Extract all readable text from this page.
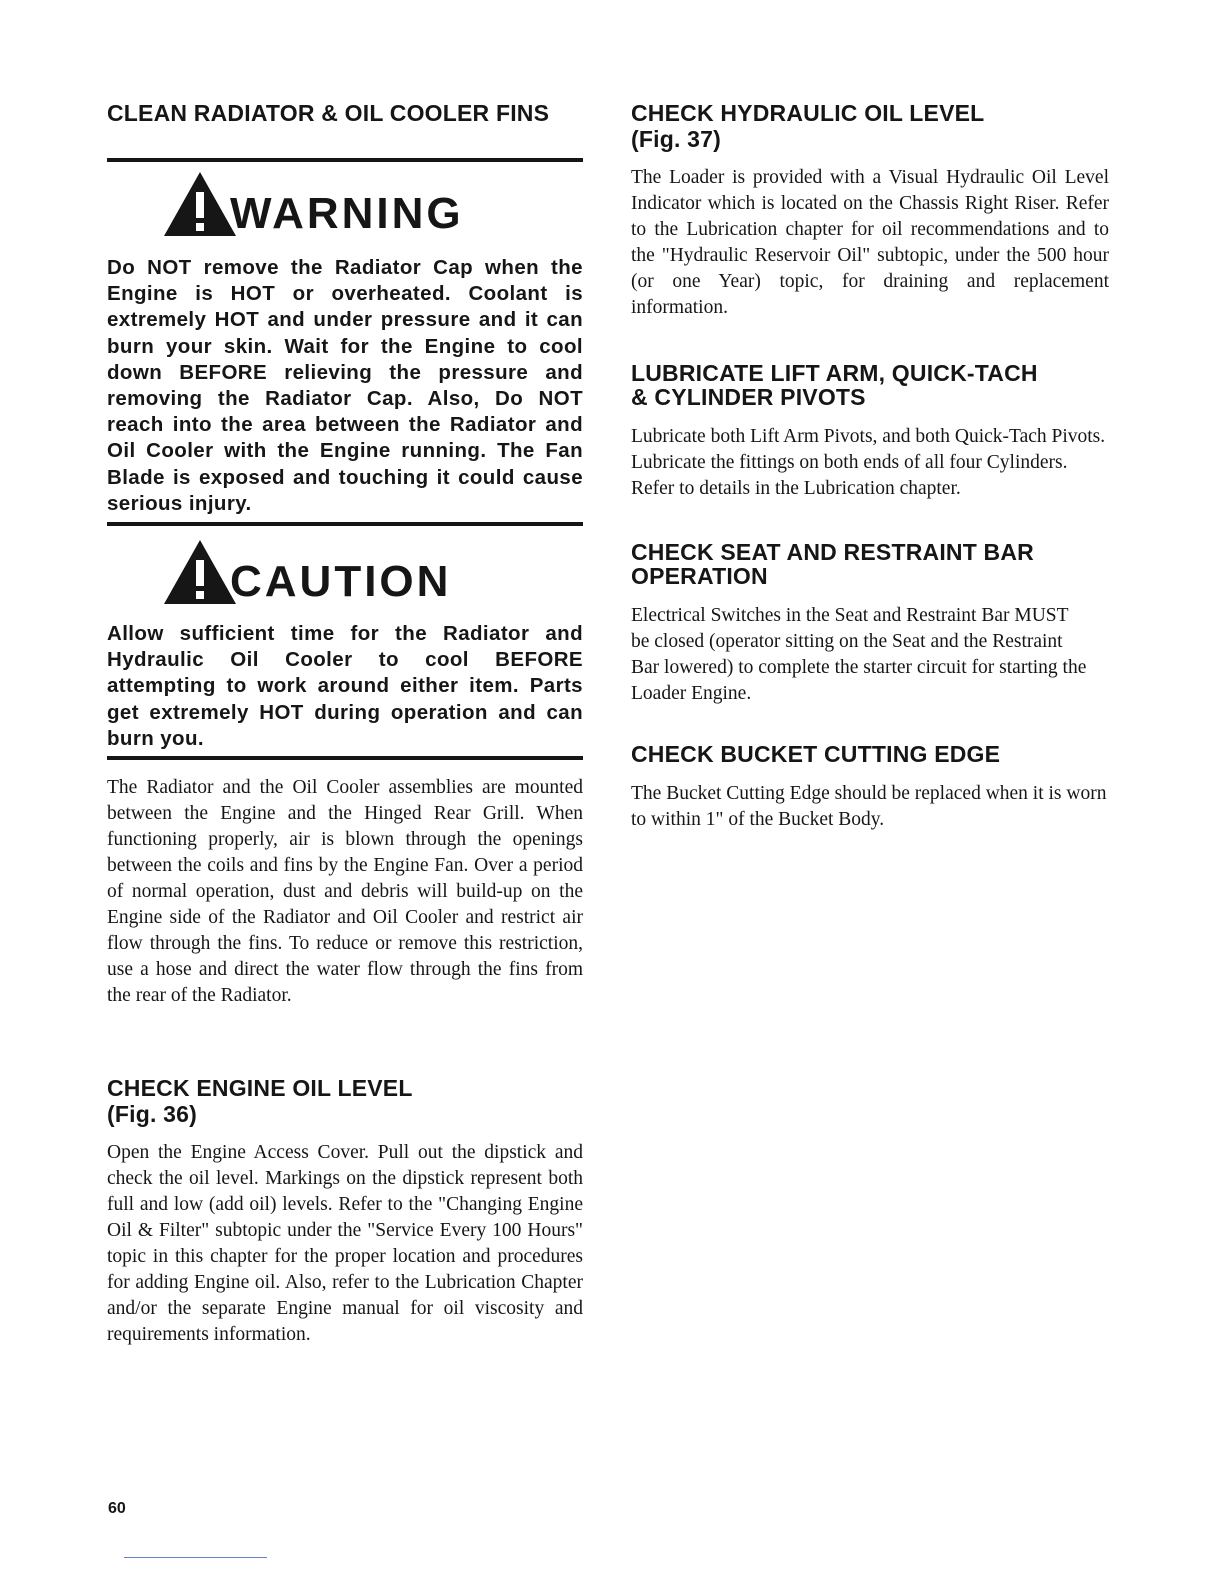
CLEAN RADIATOR & OIL COOLER FINS
WARNING

Do NOT remove the Radiator Cap when the Engine is HOT or overheated. Coolant is extremely HOT and under pressure and it can burn your skin. Wait for the Engine to cool down BEFORE relieving the pressure and removing the Radiator Cap. Also, Do NOT reach into the area between the Radiator and Oil Cooler with the Engine running. The Fan Blade is exposed and touching it could cause serious injury.

CAUTION

Allow sufficient time for the Radiator and Hydraulic Oil Cooler to cool BEFORE attempting to work around either item. Parts get extremely HOT during operation and can burn you.

The Radiator and the Oil Cooler assemblies are mounted between the Engine and the Hinged Rear Grill. When functioning properly, air is blown through the openings between the coils and fins by the Engine Fan. Over a period of normal operation, dust and debris will build-up on the Engine side of the Radiator and Oil Cooler and restrict air flow through the fins. To reduce or remove this restriction, use a hose and direct the water flow through the fins from the rear of the Radiator.

CHECK ENGINE OIL LEVEL
(Fig. 36)

Open the Engine Access Cover. Pull out the dipstick and check the oil level. Markings on the dipstick represent both full and low (add oil) levels. Refer to the "Changing Engine Oil & Filter" subtopic under the "Service Every 100 Hours" topic in this chapter for the proper location and procedures for adding Engine oil. Also, refer to the Lubrication Chapter and/or the separate Engine manual for oil viscosity and requirements information.

CHECK HYDRAULIC OIL LEVEL
(Fig. 37)

The Loader is provided with a Visual Hydraulic Oil Level Indicator which is located on the Chassis Right Riser. Refer to the Lubrication chapter for oil recommendations and to the "Hydraulic Reservoir Oil" subtopic, under the 500 hour (or one Year) topic, for draining and replacement information.

LUBRICATE LIFT ARM, QUICK-TACH
& CYLINDER PIVOTS

Lubricate both Lift Arm Pivots, and both Quick-Tach Pivots. Lubricate the fittings on both ends of all four Cylinders. Refer to details in the Lubrication chapter.

CHECK SEAT AND RESTRAINT BAR
OPERATION

Electrical Switches in the Seat and Restraint Bar MUST be closed (operator sitting on the Seat and the Restraint Bar lowered) to complete the starter circuit for starting the Loader Engine.

CHECK BUCKET CUTTING EDGE

The Bucket Cutting Edge should be replaced when it is worn to within 1" of the Bucket Body.

60
